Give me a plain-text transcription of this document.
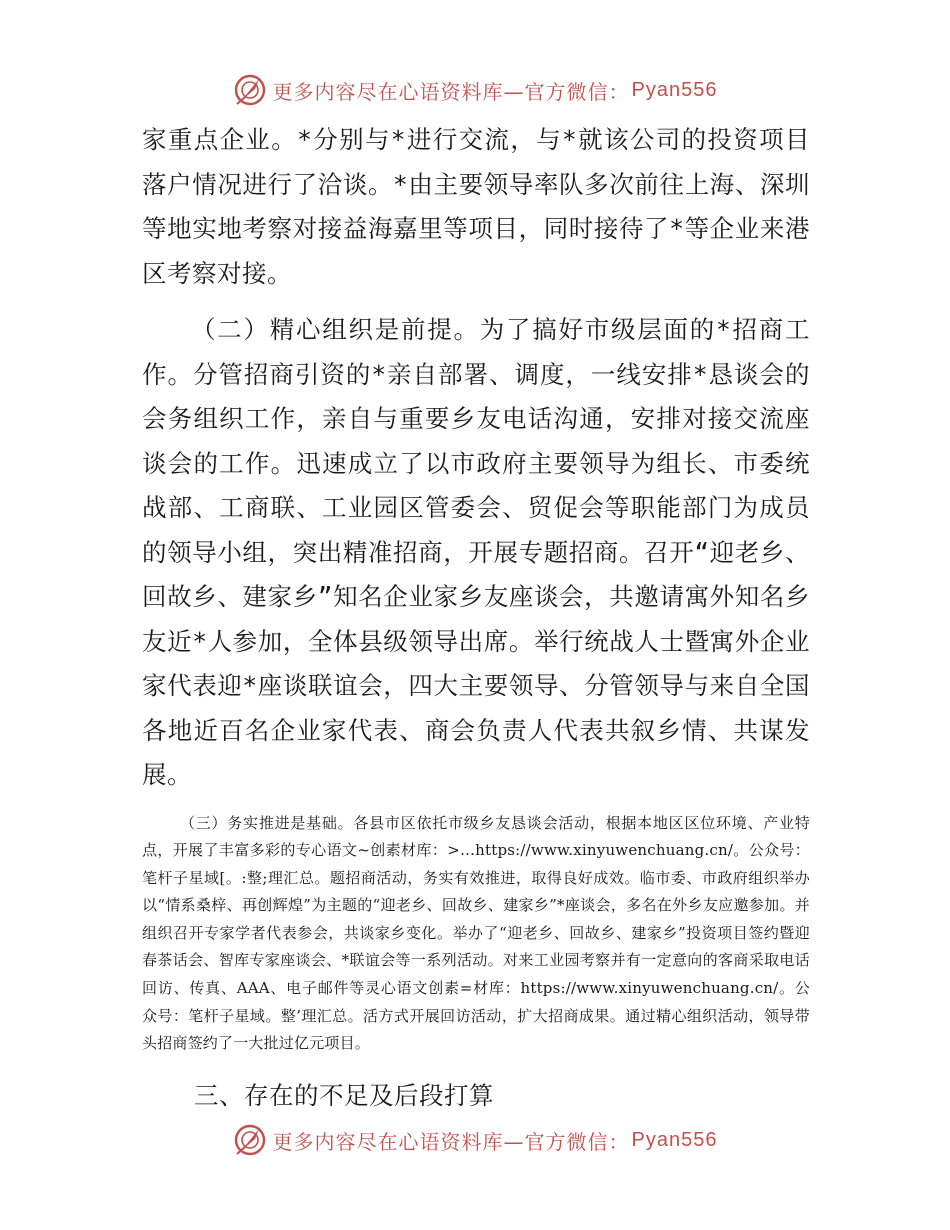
更多内容尽在心语资料库—官方微信： Pyan556

家重点企业。*分别与*进行交流，与*就该公司的投资项目落户情况进行了洽谈。*由主要领导率队多次前往上海、深圳等地实地考察对接益海嘉里等项目，同时接待了*等企业来港区考察对接。

（二）精心组织是前提。为了搞好市级层面的*招商工作。分管招商引资的*亲自部署、调度，一线安排*恳谈会的会务组织工作，亲自与重要乡友电话沟通，安排对接交流座谈会的工作。迅速成立了以市政府主要领导为组长、市委统战部、工商联、工业园区管委会、贸促会等职能部门为成员的领导小组，突出精准招商，开展专题招商。召开“迎老乡、回故乡、建家乡”知名企业家乡友座谈会，共邀请寓外知名乡友近*人参加，全体县级领导出席。举行统战人士暨寓外企业家代表迎*座谈联谊会，四大主要领导、分管领导与来自全国各地近百名企业家代表、商会负责人代表共叙乡情、共谋发展。

（三）务实推进是基础。各县市区依托市级乡友恳谈会活动，根据本地区区位环境、产业特点，开展了丰富多彩的专心语文~创素材库：>…https://www.xinyuwenchuang.cn/。公众号：笔杆子星域[。:整;理汇总。题招商活动，务实有效推进，取得良好成效。临市委、市政府组织举办以“情系桑梓、再创辉煌”为主题的“迎老乡、回故乡、建家乡”*座谈会，多名在外乡友应邀参加。并组织召开专家学者代表参会，共谈家乡变化。举办了“迎老乡、回故乡、建家乡”投资项目签约暨迎春茶话会、智库专家座谈会、*联谊会等一系列活动。对来工业园考察并有一定意向的客商采取电话回访、传真、AAA、电子邮件等灵心语文创素=材库：https://www.xinyuwenchuang.cn/。公众号：笔杆子星域。整’理汇总。活方式开展回访活动，扩大招商成果。通过精心组织活动，领导带头招商签约了一大批过亿元项目。

三、存在的不足及后段打算

更多内容尽在心语资料库—官方微信： Pyan556
